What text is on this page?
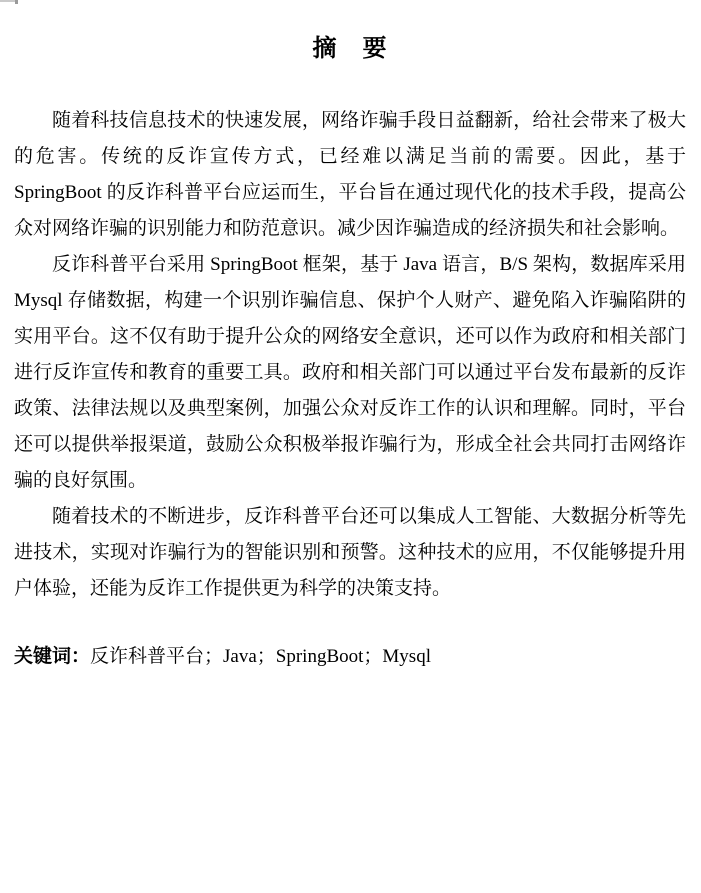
摘　要

随着科技信息技术的快速发展，网络诈骗手段日益翻新，给社会带来了极大的危害。传统的反诈宣传方式，已经难以满足当前的需要。因此，基于 SpringBoot 的反诈科普平台应运而生，平台旨在通过现代化的技术手段，提高公众对网络诈骗的识别能力和防范意识。减少因诈骗造成的经济损失和社会影响。

反诈科普平台采用 SpringBoot 框架，基于 Java 语言，B/S 架构，数据库采用 Mysql 存储数据，构建一个识别诈骗信息、保护个人财产、避免陷入诈骗陷阱的实用平台。这不仅有助于提升公众的网络安全意识，还可以作为政府和相关部门进行反诈宣传和教育的重要工具。政府和相关部门可以通过平台发布最新的反诈政策、法律法规以及典型案例，加强公众对反诈工作的认识和理解。同时，平台还可以提供举报渠道，鼓励公众积极举报诈骗行为，形成全社会共同打击网络诈骗的良好氛围。

随着技术的不断进步，反诈科普平台还可以集成人工智能、大数据分析等先进技术，实现对诈骗行为的智能识别和预警。这种技术的应用，不仅能够提升用户体验，还能为反诈工作提供更为科学的决策支持。

关键词：反诈科普平台；Java；SpringBoot；Mysql
